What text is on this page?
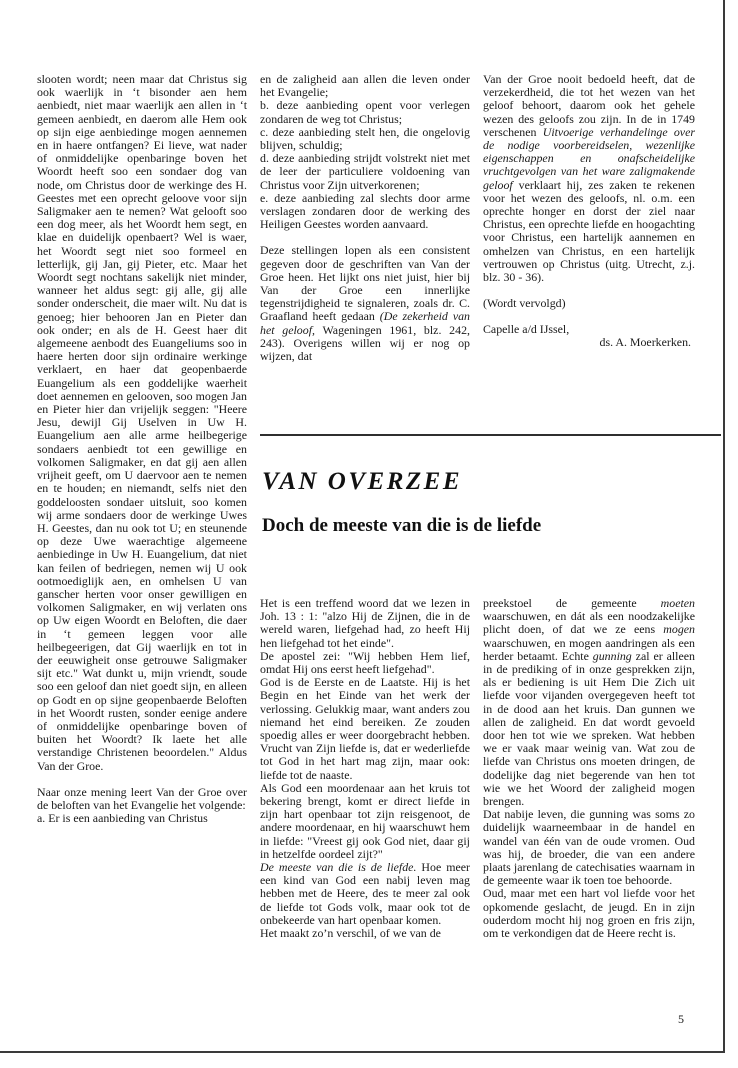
slooten wordt; neen maar dat Christus sig ook waerlijk in ‘t bisonder aen hem aenbiedt, niet maar waerlijk aen allen in ‘t gemeen aenbiedt, en daerom alle Hem ook op sijn eige aenbiedinge mogen aennemen en in haere ontfangen? Ei lieve, wat nader of onmiddelijke openbaringe boven het Woordt heeft soo een sondaer dog van node, om Christus door de werkinge des H. Geestes met een oprecht geloove voor sijn Saligmaker aen te nemen? Wat gelooft soo een dog meer, als het Woordt hem segt, en klae en duidelijk openbaert? Wel is waer, het Woordt segt niet soo formeel en letterlijk, gij Jan, gij Pieter, etc. Maar het Woordt segt nochtans sakelijk niet minder, wanneer het aldus segt: gij alle, gij alle sonder onderscheit, die maer wilt. Nu dat is genoeg; hier behooren Jan en Pieter dan ook onder; en als de H. Geest haer dit algemeene aenbodt des Euangeliums soo in haere herten door sijn ordinaire werkinge verklaert, en haer dat geopenbaerde Euangelium als een goddelijke waerheit doet aennemen en gelooven, soo mogen Jan en Pieter hier dan vrijelijk seggen: "Heere Jesu, dewijl Gij Uselven in Uw H. Euangelium aen alle arme heilbegerige sondaers aenbiedt tot een gewillige en volkomen Saligmaker, en dat gij aen allen vrijheit geeft, om U daervoor aen te nemen en te houden; en niemandt, selfs niet den goddeloosten sondaer uitsluit, soo komen wij arme sondaers door de werkinge Uwes H. Geestes, dan nu ook tot U; en steunende op deze Uwe waerachtige algemeene aenbiedinge in Uw H. Euangelium, dat niet kan feilen of bedriegen, nemen wij U ook ootmoediglijk aen, en omhelsen U van ganscher herten voor onser gewilligen en volkomen Saligmaker, en wij verlaten ons op Uw eigen Woordt en Beloften, die daer in ‘t gemeen leggen voor alle heilbegeerigen, dat Gij waerlijk en tot in der eeuwigheit onse getrouwe Saligmaker sijt etc." Wat dunkt u, mijn vriendt, soude soo een geloof dan niet goedt sijn, en alleen op Godt en op sijne geopenbaerde Beloften in het Woordt rusten, sonder eenige andere of onmiddelijke openbaringe boven of buiten het Woordt? Ik laete het alle verstandige Christenen beoordelen." Aldus Van der Groe.

Naar onze mening leert Van der Groe over de beloften van het Evangelie het volgende:

a. Er is een aanbieding van Christus

en de zaligheid aan allen die leven onder het Evangelie;

b. deze aanbieding opent voor verlegen zondaren de weg tot Christus;

c. deze aanbieding stelt hen, die ongelovig blijven, schuldig;

d. deze aanbieding strijdt volstrekt niet met de leer der particuliere voldoening van Christus voor Zijn uitverkorenen;

e. deze aanbieding zal slechts door arme verslagen zondaren door de werking des Heiligen Geestes worden aanvaard.

Deze stellingen lopen als een consistent gegeven door de geschriften van Van der Groe heen. Het lijkt ons niet juist, hier bij Van der Groe een innerlijke tegenstrijdigheid te signaleren, zoals dr. C. Graafland heeft gedaan (De zekerheid van het geloof, Wageningen 1961, blz. 242, 243). Overigens willen wij er nog op wijzen, dat

Van der Groe nooit bedoeld heeft, dat de verzekerdheid, die tot het wezen van het geloof behoort, daarom ook het gehele wezen des geloofs zou zijn. In de in 1749 verschenen Uitvoerige verhandelinge over de nodige voorbereidselen, wezenlijke eigenschappen en onafscheidelijke vruchtgevolgen van het ware zaligmakende geloof verklaart hij, zes zaken te rekenen voor het wezen des geloofs, nl. o.m. een oprechte honger en dorst der ziel naar Christus, een oprechte liefde en hoogachting voor Christus, een hartelijk aannemen en omhelzen van Christus, en een hartelijk vertrouwen op Christus (uitg. Utrecht, z.j. blz. 30 - 36).

(Wordt vervolgd)

Capelle a/d IJssel,
ds. A. Moerkerken.
VAN OVERZEE
Doch de meeste van die is de liefde

Het is een treffend woord dat we lezen in Joh. 13 : 1: "alzo Hij de Zijnen, die in de wereld waren, liefgehad had, zo heeft Hij hen liefgehad tot het einde".

De apostel zei: "Wij hebben Hem lief, omdat Hij ons eerst heeft liefgehad".

God is de Eerste en de Laatste. Hij is het Begin en het Einde van het werk der verlossing. Gelukkig maar, want anders zou niemand het eind bereiken. Ze zouden spoedig alles er weer doorgebracht hebben. Vrucht van Zijn liefde is, dat er wederliefde tot God in het hart mag zijn, maar ook: liefde tot de naaste.

Als God een moordenaar aan het kruis tot bekering brengt, komt er direct liefde in zijn hart openbaar tot zijn reisgenoot, de andere moordenaar, en hij waarschuwt hem in liefde: "Vreest gij ook God niet, daar gij in hetzelfde oordeel zijt?"

De meeste van die is de liefde. Hoe meer een kind van God een nabij leven mag hebben met de Heere, des te meer zal ook de liefde tot Gods volk, maar ook tot de onbekeerde van hart openbaar komen.

Het maakt zo’n verschil, of we van de

preekstoel de gemeente moeten waarschuwen, en dát als een noodzakelijke plicht doen, of dat we ze eens mogen waarschuwen, en mogen aandringen als een herder betaamt. Echte gunning zal er alleen in de prediking of in onze gesprekken zijn, als er bediening is uit Hem Die Zich uit liefde voor vijanden overgegeven heeft tot in de dood aan het kruis. Dan gunnen we allen de zaligheid. En dat wordt gevoeld door hen tot wie we spreken. Wat hebben we er vaak maar weinig van. Wat zou de liefde van Christus ons moeten dringen, de dodelijke dag niet begerende van hen tot wie we het Woord der zaligheid mogen brengen.

Dat nabije leven, die gunning was soms zo duidelijk waarneembaar in de handel en wandel van één van de oude vromen. Oud was hij, de broeder, die van een andere plaats jarenlang de catechisaties waarnam in de gemeente waar ik toen toe behoorde.

Oud, maar met een hart vol liefde voor het opkomende geslacht, de jeugd. En in zijn ouderdom mocht hij nog groen en fris zijn, om te verkondigen dat de Heere recht is.

5
